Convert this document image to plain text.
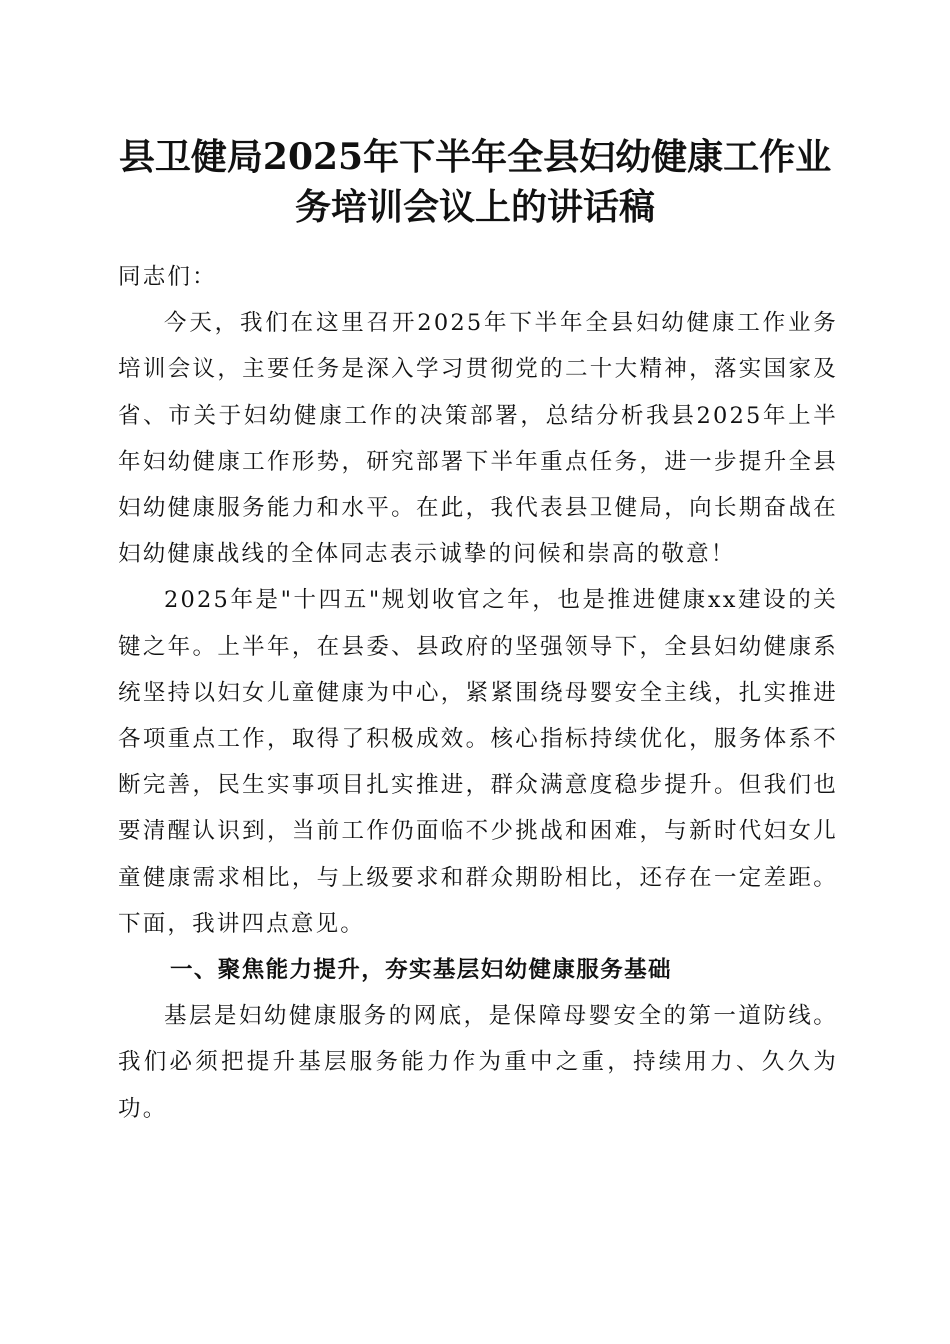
县卫健局2025年下半年全县妇幼健康工作业
务培训会议上的讲话稿

同志们：

今天，我们在这里召开2025年下半年全县妇幼健康工作业务培训会议，主要任务是深入学习贯彻党的二十大精神，落实国家及省、市关于妇幼健康工作的决策部署，总结分析我县2025年上半年妇幼健康工作形势，研究部署下半年重点任务，进一步提升全县妇幼健康服务能力和水平。在此，我代表县卫健局，向长期奋战在妇幼健康战线的全体同志表示诚挚的问候和崇高的敬意！

2025年是"十四五"规划收官之年，也是推进健康xx建设的关键之年。上半年，在县委、县政府的坚强领导下，全县妇幼健康系统坚持以妇女儿童健康为中心，紧紧围绕母婴安全主线，扎实推进各项重点工作，取得了积极成效。核心指标持续优化，服务体系不断完善，民生实事项目扎实推进，群众满意度稳步提升。但我们也要清醒认识到，当前工作仍面临不少挑战和困难，与新时代妇女儿童健康需求相比，与上级要求和群众期盼相比，还存在一定差距。下面，我讲四点意见。

一、聚焦能力提升，夯实基层妇幼健康服务基础

基层是妇幼健康服务的网底，是保障母婴安全的第一道防线。我们必须把提升基层服务能力作为重中之重，持续用力、久久为功。
